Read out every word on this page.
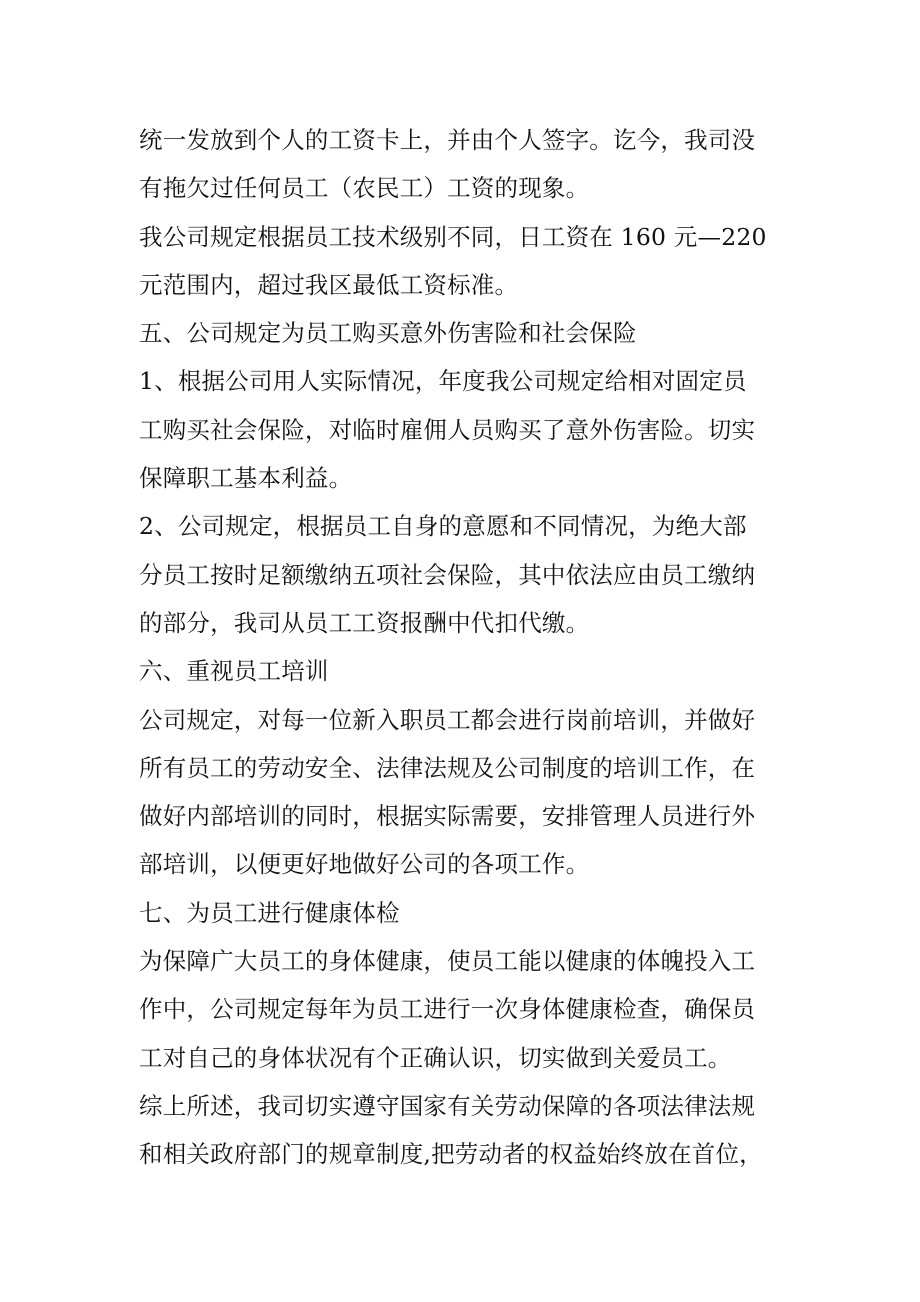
统一发放到个人的工资卡上，并由个人签字。讫今，我司没

有拖欠过任何员工（农民工）工资的现象。

我公司规定根据员工技术级别不同，日工资在 160 元—220

元范围内，超过我区最低工资标准。

五、公司规定为员工购买意外伤害险和社会保险

1、根据公司用人实际情况，年度我公司规定给相对固定员

工购买社会保险，对临时雇佣人员购买了意外伤害险。切实

保障职工基本利益。

2、公司规定，根据员工自身的意愿和不同情况，为绝大部

分员工按时足额缴纳五项社会保险，其中依法应由员工缴纳

的部分，我司从员工工资报酬中代扣代缴。

六、重视员工培训

公司规定，对每一位新入职员工都会进行岗前培训，并做好

所有员工的劳动安全、法律法规及公司制度的培训工作，在

做好内部培训的同时，根据实际需要，安排管理人员进行外

部培训，以便更好地做好公司的各项工作。

七、为员工进行健康体检

为保障广大员工的身体健康，使员工能以健康的体魄投入工

作中，公司规定每年为员工进行一次身体健康检查，确保员

工对自己的身体状况有个正确认识，切实做到关爱员工。

综上所述，我司切实遵守国家有关劳动保障的各项法律法规

和相关政府部门的规章制度,把劳动者的权益始终放在首位，
